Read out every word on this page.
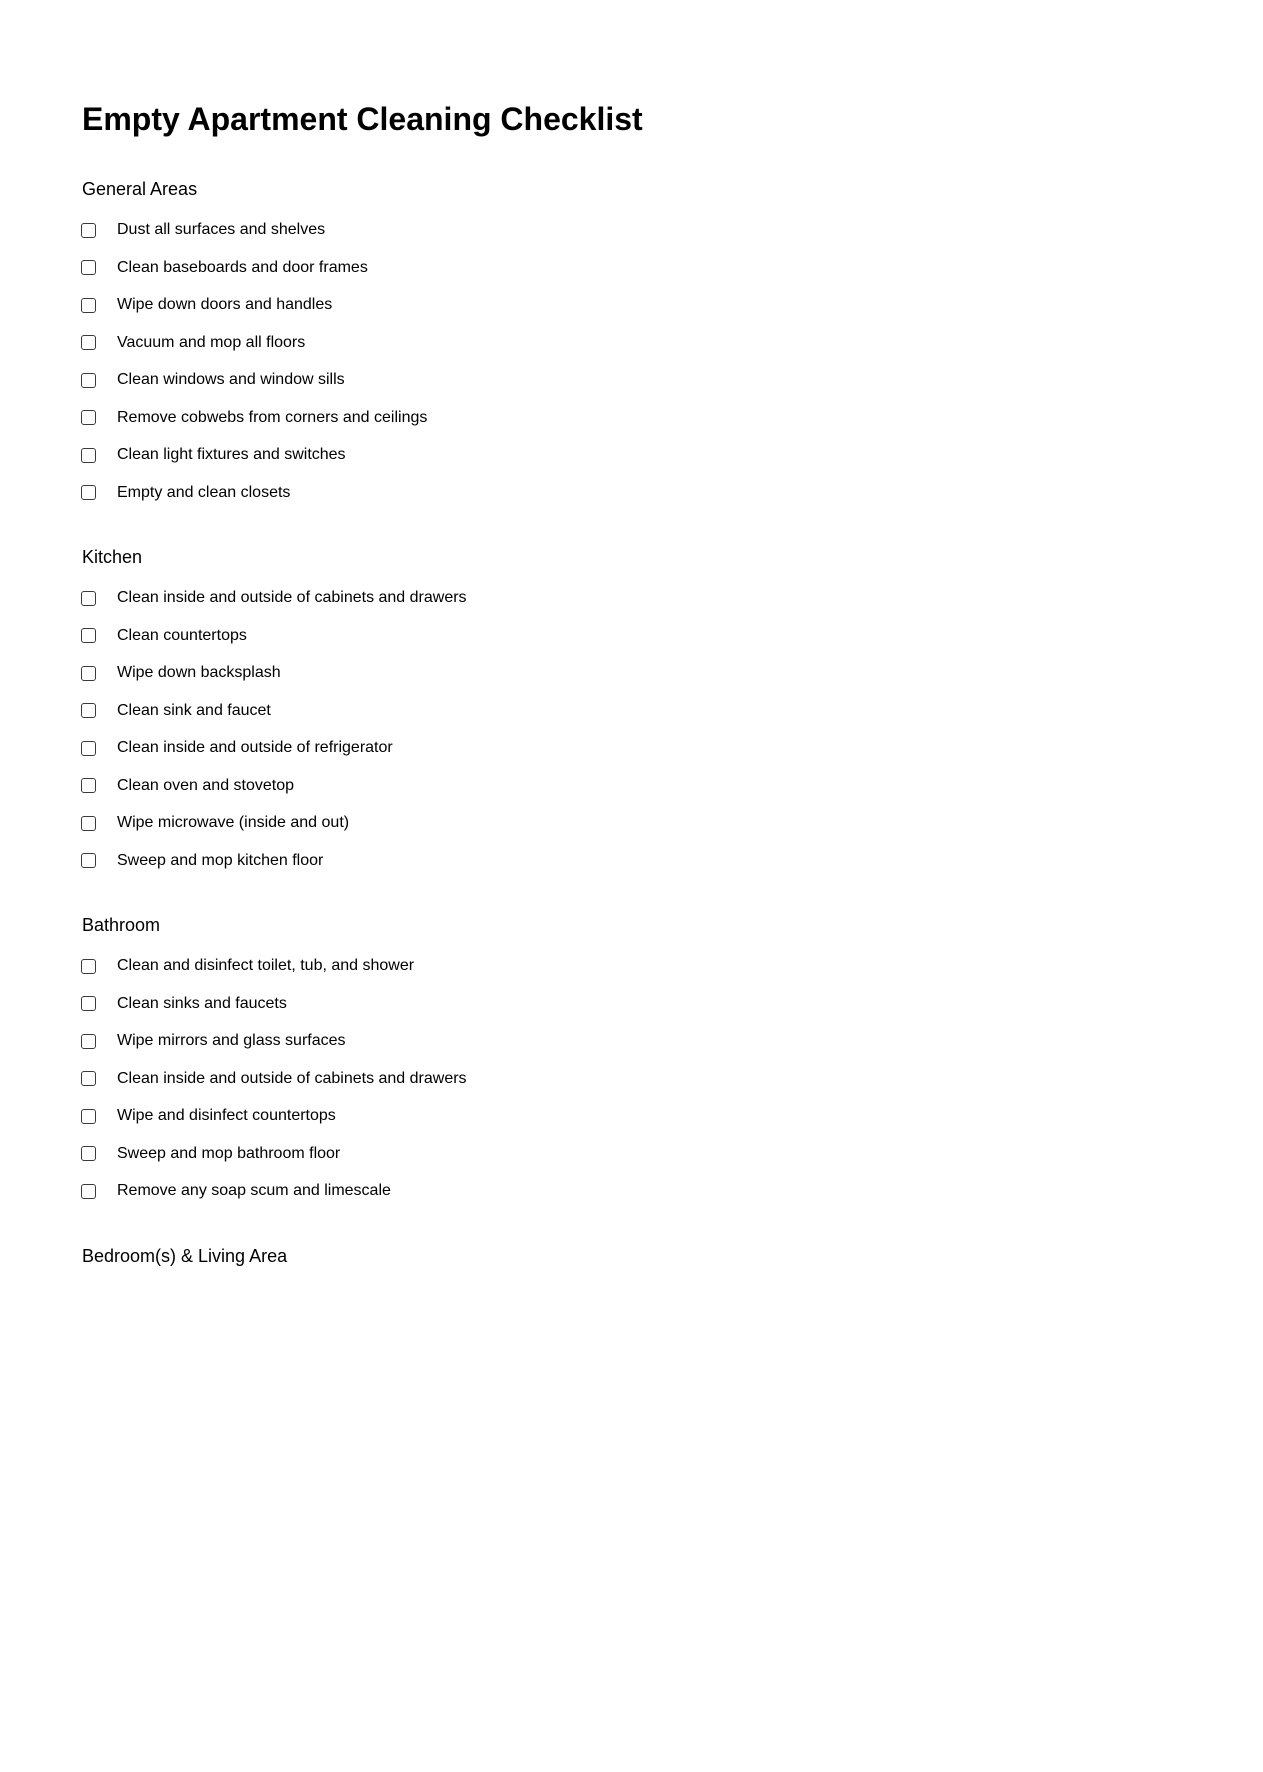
Empty Apartment Cleaning Checklist
General Areas
Dust all surfaces and shelves
Clean baseboards and door frames
Wipe down doors and handles
Vacuum and mop all floors
Clean windows and window sills
Remove cobwebs from corners and ceilings
Clean light fixtures and switches
Empty and clean closets
Kitchen
Clean inside and outside of cabinets and drawers
Clean countertops
Wipe down backsplash
Clean sink and faucet
Clean inside and outside of refrigerator
Clean oven and stovetop
Wipe microwave (inside and out)
Sweep and mop kitchen floor
Bathroom
Clean and disinfect toilet, tub, and shower
Clean sinks and faucets
Wipe mirrors and glass surfaces
Clean inside and outside of cabinets and drawers
Wipe and disinfect countertops
Sweep and mop bathroom floor
Remove any soap scum and limescale
Bedroom(s) & Living Area
